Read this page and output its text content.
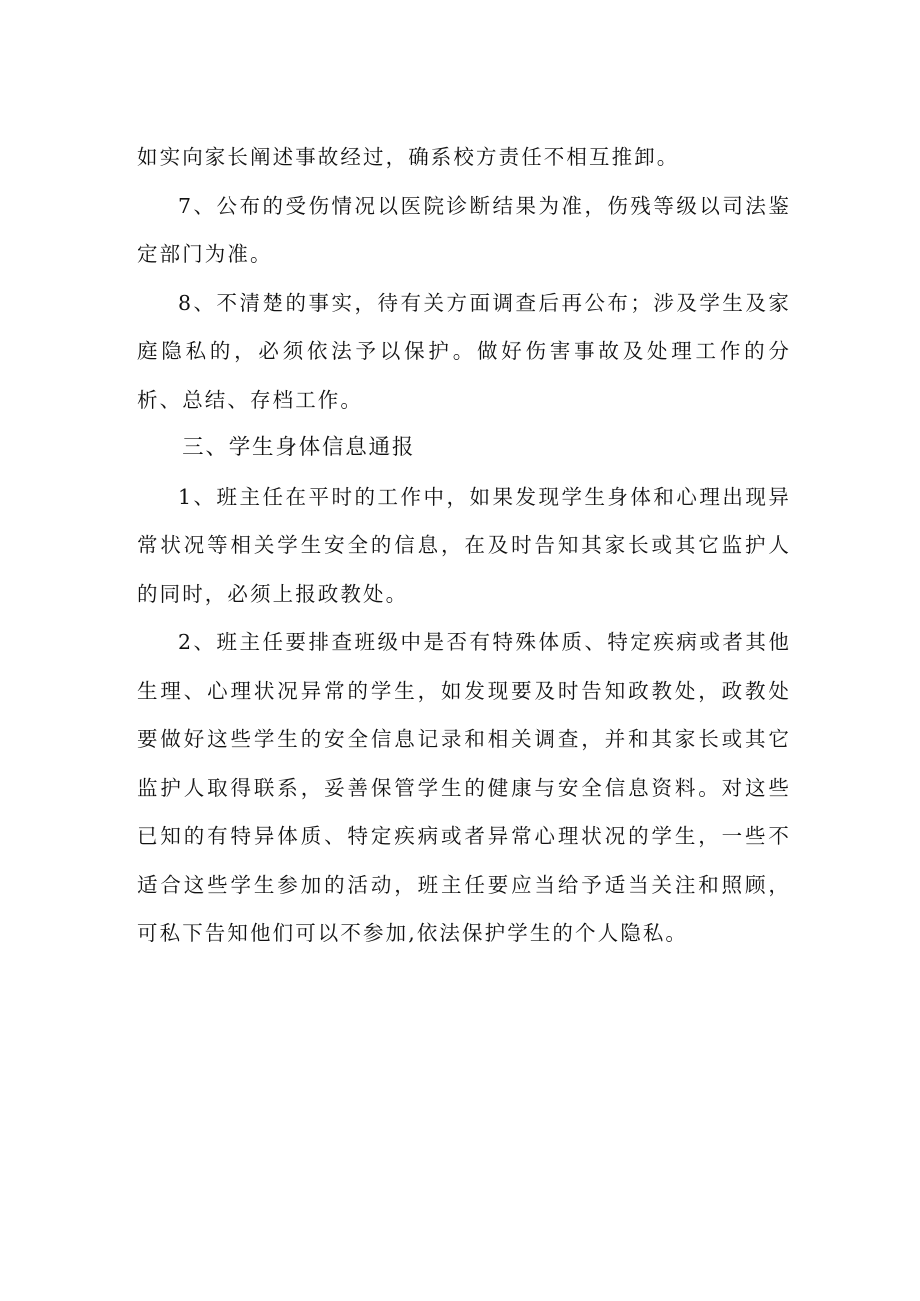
如实向家长阐述事故经过，确系校方责任不相互推卸。

7、公布的受伤情况以医院诊断结果为准，伤残等级以司法鉴定部门为准。

8、不清楚的事实，待有关方面调查后再公布；涉及学生及家庭隐私的，必须依法予以保护。做好伤害事故及处理工作的分析、总结、存档工作。

三、学生身体信息通报

1、班主任在平时的工作中，如果发现学生身体和心理出现异常状况等相关学生安全的信息，在及时告知其家长或其它监护人的同时，必须上报政教处。

2、班主任要排查班级中是否有特殊体质、特定疾病或者其他生理、心理状况异常的学生，如发现要及时告知政教处，政教处要做好这些学生的安全信息记录和相关调查，并和其家长或其它监护人取得联系，妥善保管学生的健康与安全信息资料。对这些已知的有特异体质、特定疾病或者异常心理状况的学生，一些不适合这些学生参加的活动，班主任要应当给予适当关注和照顾，可私下告知他们可以不参加,依法保护学生的个人隐私。
